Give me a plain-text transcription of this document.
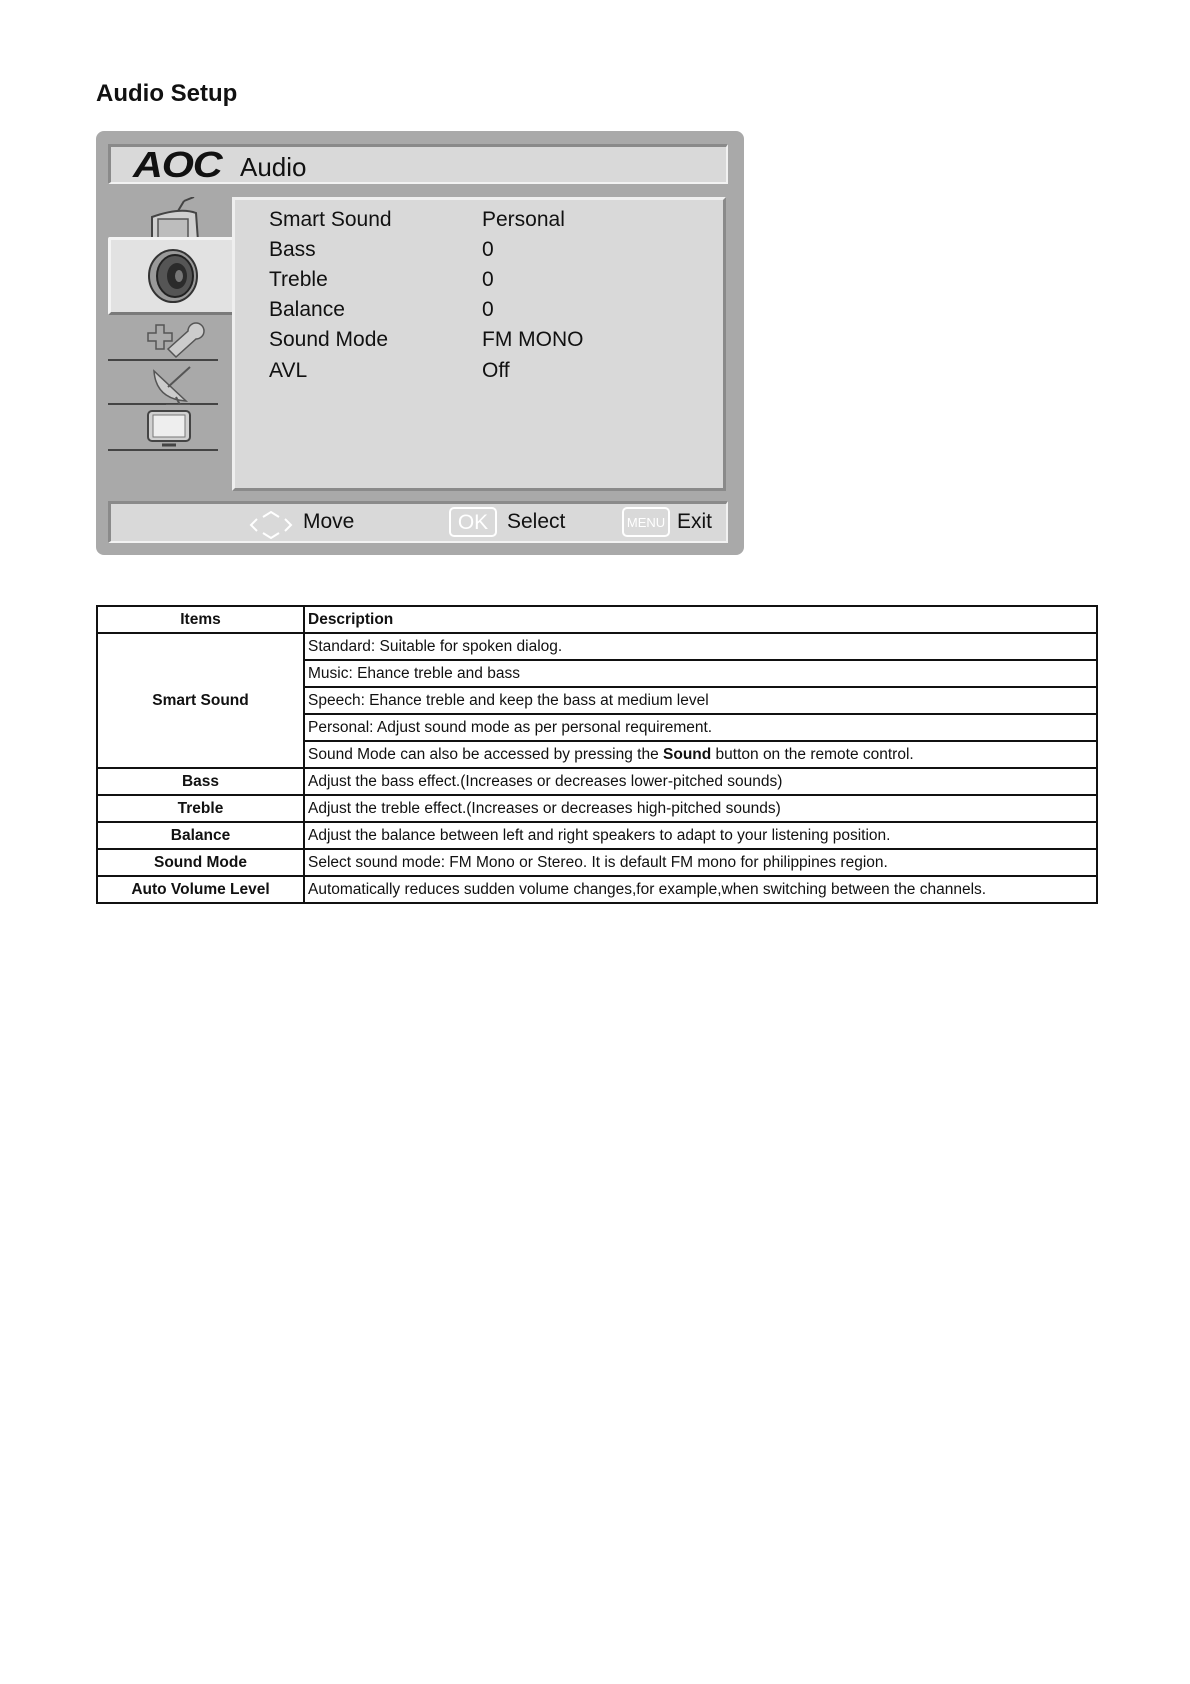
Audio Setup
AOC Audio
Smart Sound	Personal
Bass	0
Treble	0
Balance	0
Sound Mode	FM MONO
AVL	Off
Move	OK Select	MENU Exit
Items	Description
Smart Sound	Standard: Suitable for spoken dialog.
	Music: Ehance treble and bass
	Speech: Ehance treble and keep the bass at medium level
	Personal: Adjust sound mode as per personal requirement.
	Sound Mode can also be accessed by pressing the Sound button on the remote control.
Bass	Adjust the bass effect.(Increases or decreases lower-pitched sounds)
Treble	Adjust the treble effect.(Increases or decreases high-pitched sounds)
Balance	Adjust the balance between left and right speakers to adapt to your listening position.
Sound Mode	Select sound mode: FM Mono or Stereo. It is default FM mono for philippines region.
Auto Volume Level	Automatically reduces sudden volume changes,for example,when switching between the channels.
